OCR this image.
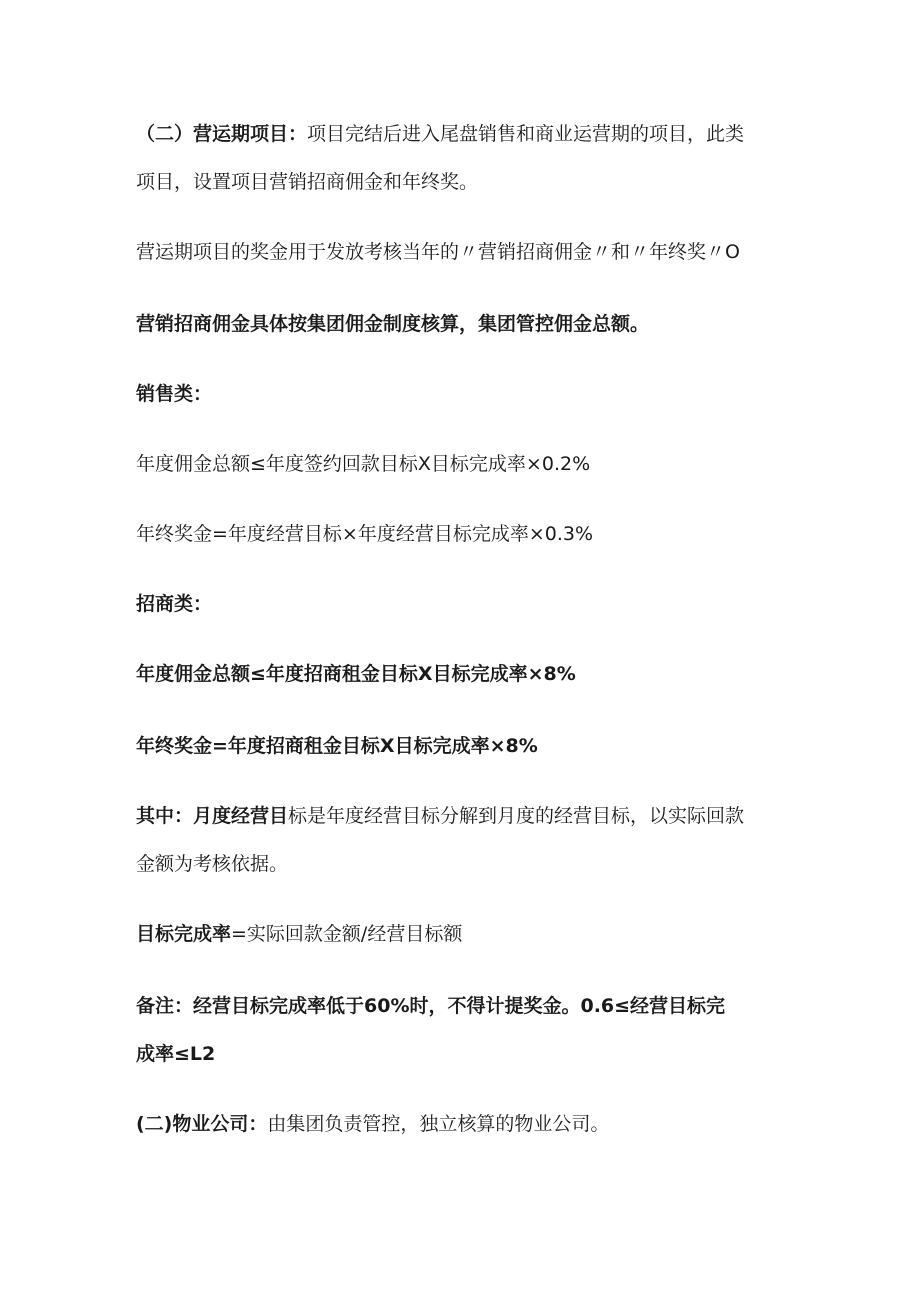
（二）营运期项目：项目完结后进入尾盘销售和商业运营期的项目，此类
项目，设置项目营销招商佣金和年终奖。
营运期项目的奖金用于发放考核当年的〃营销招商佣金〃和〃年终奖〃O
营销招商佣金具体按集团佣金制度核算，集团管控佣金总额。
销售类：
年度佣金总额≤年度签约回款目标X目标完成率×0.2%
年终奖金=年度经营目标×年度经营目标完成率×0.3%
招商类：
年度佣金总额≤年度招商租金目标X目标完成率×8%
年终奖金=年度招商租金目标X目标完成率×8%
其中：月度经营目标是年度经营目标分解到月度的经营目标，以实际回款
金额为考核依据。
目标完成率=实际回款金额/经营目标额
备注：经营目标完成率低于60%时，不得计提奖金。0.6≤经营目标完
成率≤L2
(二)物业公司：由集团负责管控，独立核算的物业公司。
